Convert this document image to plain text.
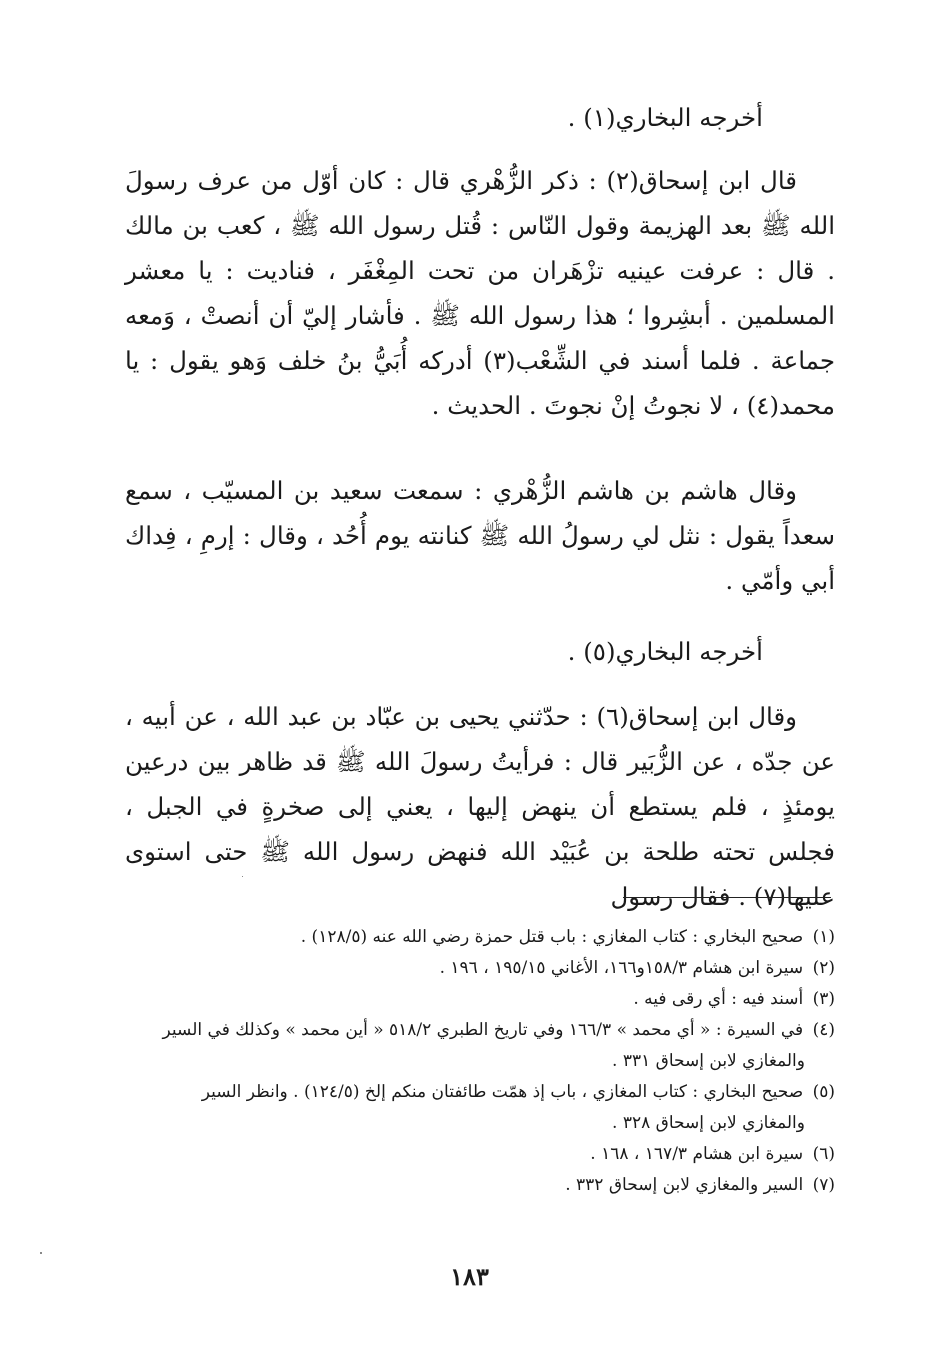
أخرجه البخاري(١) .

قال ابن إسحاق(٢) : ذكر الزُّهْري قال : كان أوّل من عرف رسولَ الله ﷺ بعد الهزيمة وقول النّاس : قُتل رسول الله ﷺ ، كعب بن مالك . قال : عرفت عينيه تزْهَران من تحت المِغْفَر ، فناديت : يا معشر المسلمين . أبشِروا ؛ هذا رسول الله ﷺ . فأشار إليّ أن أنصتْ ، وَمعه جماعة . فلما أسند في الشِّعْب(٣) أدركه أُبَيُّ بنُ خلف وَهو يقول : يا محمد(٤) ، لا نجوتُ إنْ نجوتَ . الحديث .

وقال هاشم بن هاشم الزُّهْري : سمعت سعيد بن المسيّب ، سمع سعداً يقول : نثل لي رسولُ الله ﷺ كنانته يوم أُحُد ، وقال : إرمِ ، فِداك أبي وأمّي .

أخرجه البخاري(٥) .

وقال ابن إسحاق(٦) : حدّثني يحيى بن عبّاد بن عبد الله ، عن أبيه ، عن جدّه ، عن الزُّبَير قال : فرأيتُ رسولَ الله ﷺ قد ظاهر بين درعين يومئذٍ ، فلم يستطع أن ينهض إليها ، يعني إلى صخرةٍ في الجبل ، فجلس تحته طلحة بن عُبَيْد الله فنهض رسول الله ﷺ حتى استوى عليها(٧) . فقال رسول

(١) صحيح البخاري : كتاب المغازي : باب قتل حمزة رضي الله عنه (١٢٨/٥) .

(٢) سيرة ابن هشام ١٥٨/٣و١٦٦، الأغاني ١٩٥/١٥ ، ١٩٦ .

(٣) أسند فيه : أي رقى فيه .

(٤) في السيرة : « أي محمد » ١٦٦/٣ وفي تاريخ الطبري ٥١٨/٢ « أين محمد » وكذلك في السير
والمغازي لابن إسحاق ٣٣١ .

(٥) صحيح البخاري : كتاب المغازي ، باب إذ همّت طائفتان منكم إلخ (١٢٤/٥) . وانظر السير
والمغازي لابن إسحاق ٣٢٨ .

(٦) سيرة ابن هشام ١٦٧/٣ ، ١٦٨ .

(٧) السير والمغازي لابن إسحاق ٣٣٢ .

١٨٣
